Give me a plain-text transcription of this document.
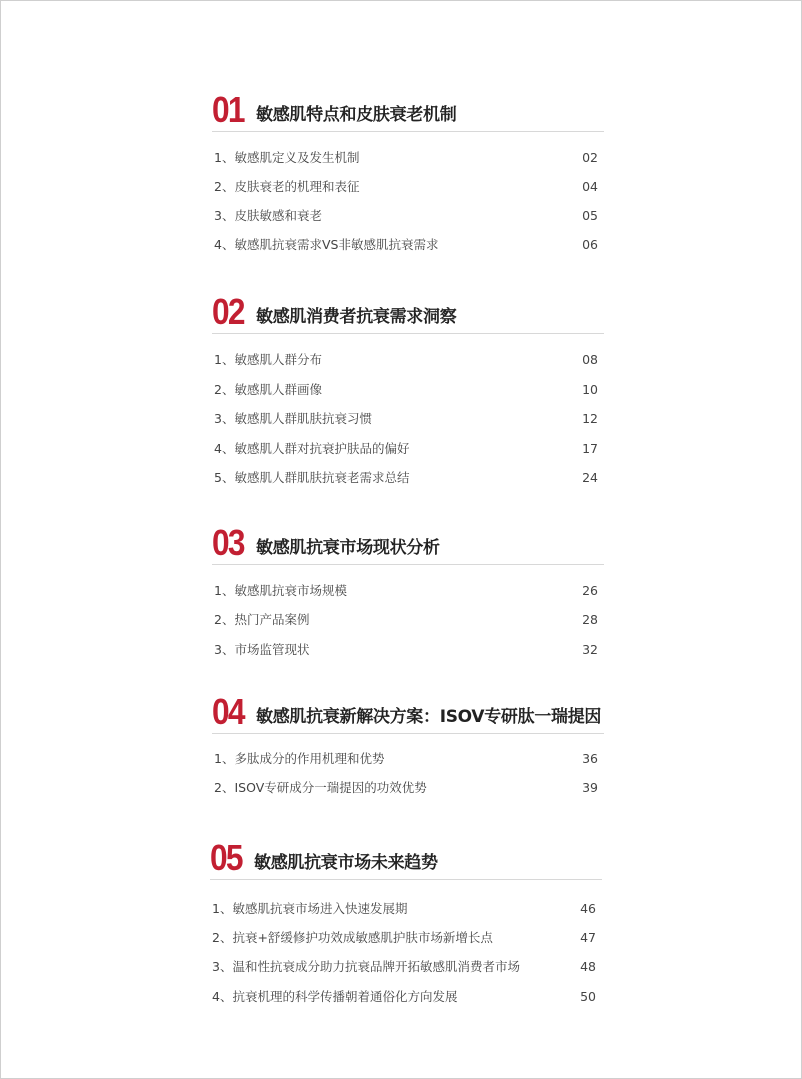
01 敏感肌特点和皮肤衰老机制
1、敏感肌定义及发生机制	02
2、皮肤衰老的机理和表征	04
3、皮肤敏感和衰老	05
4、敏感肌抗衰需求VS非敏感肌抗衰需求	06
02 敏感肌消费者抗衰需求洞察
1、敏感肌人群分布	08
2、敏感肌人群画像	10
3、敏感肌人群肌肤抗衰习惯	12
4、敏感肌人群对抗衰护肤品的偏好	17
5、敏感肌人群肌肤抗衰老需求总结	24
03 敏感肌抗衰市场现状分析
1、敏感肌抗衰市场规模	26
2、热门产品案例	28
3、市场监管现状	32
04 敏感肌抗衰新解决方案：ISOV专研肽一瑞提因
1、多肽成分的作用机理和优势	36
2、ISOV专研成分一瑞提因的功效优势	39
05 敏感肌抗衰市场未来趋势
1、敏感肌抗衰市场进入快速发展期	46
2、抗衰+舒缓修护功效成敏感肌护肤市场新增长点	47
3、温和性抗衰成分助力抗衰品牌开拓敏感肌消费者市场	48
4、抗衰机理的科学传播朝着通俗化方向发展	50
